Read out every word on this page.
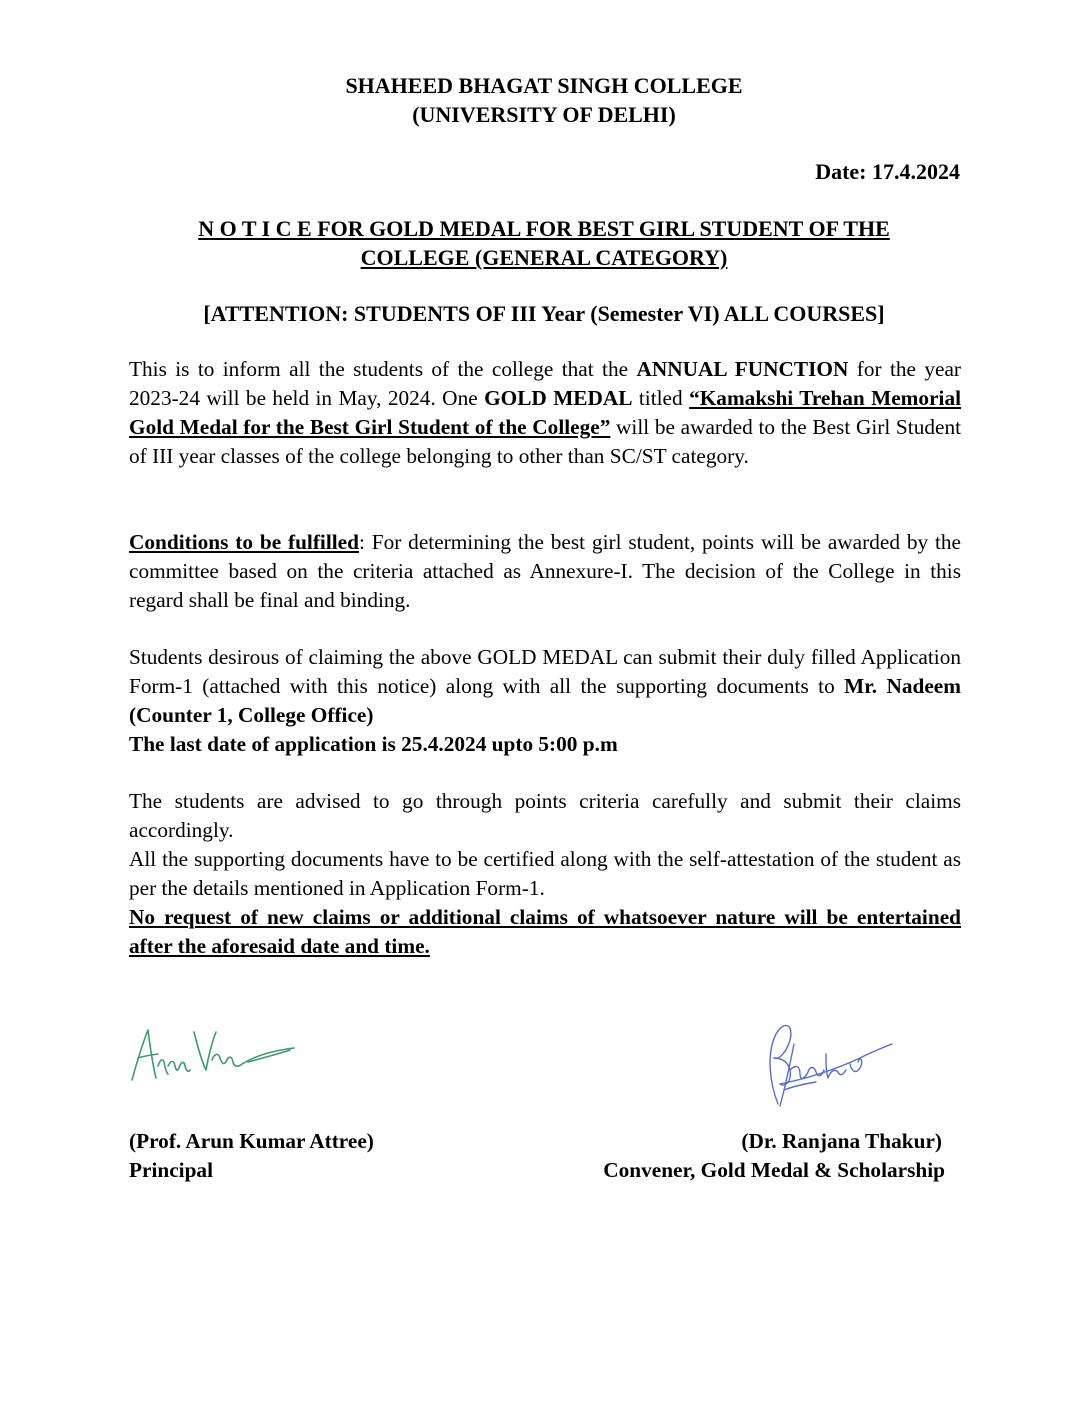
SHAHEED BHAGAT SINGH COLLEGE
(UNIVERSITY OF DELHI)
Date: 17.4.2024
N O T I C E FOR GOLD MEDAL FOR BEST GIRL STUDENT OF THE
COLLEGE (GENERAL CATEGORY)
[ATTENTION: STUDENTS OF III Year (Semester VI) ALL COURSES]

This is to inform all the students of the college that the ANNUAL FUNCTION for the year 2023-24 will be held in May, 2024. One GOLD MEDAL titled “Kamakshi Trehan Memorial Gold Medal for the Best Girl Student of the College” will be awarded to the Best Girl Student of III year classes of the college belonging to other than SC/ST category.

Conditions to be fulfilled: For determining the best girl student, points will be awarded by the committee based on the criteria attached as Annexure-I. The decision of the College in this regard shall be final and binding.

Students desirous of claiming the above GOLD MEDAL can submit their duly filled Application Form-1 (attached with this notice) along with all the supporting documents to Mr. Nadeem (Counter 1, College Office)

The last date of application is 25.4.2024 upto 5:00 p.m

The students are advised to go through points criteria carefully and submit their claims accordingly.

All the supporting documents have to be certified along with the self-attestation of the student as per the details mentioned in Application Form-1.

No request of new claims or additional claims of whatsoever nature will be entertained after the aforesaid date and time.

(Prof. Arun Kumar Attree)
Principal
(Dr. Ranjana Thakur)
Convener, Gold Medal & Scholarship
